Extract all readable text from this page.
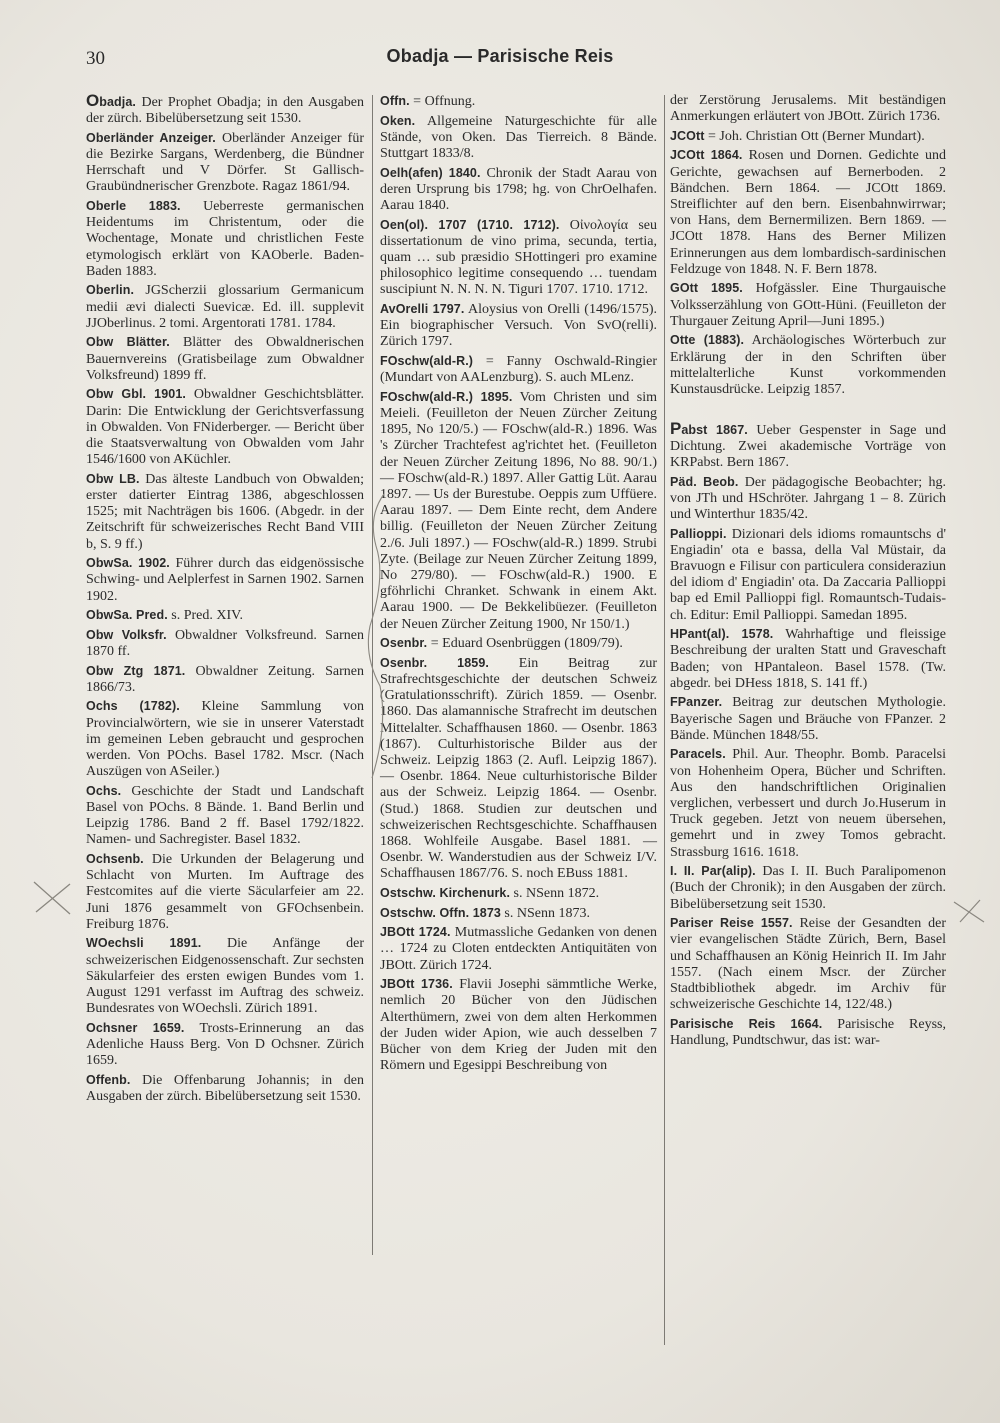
30	Obadja — Parisische Reis
Obadja. Der Prophet Obadja; in den Ausgaben der zürch. Bibelübersetzung seit 1530.
Oberländer Anzeiger. Oberländer Anzeiger für die Bezirke Sargans, Werdenberg, die Bündner Herrschaft und V Dörfer. St Gallisch-Graubündnerischer Grenzbote. Ragaz 1861/94.
Oberle 1883. Ueberreste germanischen Heidentums im Christentum, oder die Wochentage, Monate und christlichen Feste etymologisch erklärt von KAOberle. Baden-Baden 1883.
Oberlin. JGScherzii glossarium Germanicum medii ævi dialecti Suevicæ. Ed. ill. supplevit JJOberlinus. 2 tomi. Argentorati 1781. 1784.
Obw Blätter. Blätter des Obwaldnerischen Bauernvereins (Gratisbeilage zum Obwaldner Volksfreund) 1899 ff.
Obw Gbl. 1901. Obwaldner Geschichtsblätter. Darin: Die Entwicklung der Gerichtsverfassung in Obwalden. Von FNiderberger. — Bericht über die Staatsverwaltung von Obwalden vom Jahr 1546/1600 von AKüchler.
Obw LB. Das älteste Landbuch von Obwalden; erster datierter Eintrag 1386, abgeschlossen 1525; mit Nachträgen bis 1606. (Abgedr. in der Zeitschrift für schweizerisches Recht Band VIII b, S. 9 ff.)
ObwSa. 1902. Führer durch das eidgenössische Schwing- und Aelplerfest in Sarnen 1902. Sarnen 1902.
ObwSa. Pred. s. Pred. XIV.
Obw Volksfr. Obwaldner Volksfreund. Sarnen 1870 ff.
Obw Ztg 1871. Obwaldner Zeitung. Sarnen 1866/73.
Ochs (1782). Kleine Sammlung von Provincialwörtern, wie sie in unserer Vaterstadt im gemeinen Leben gebraucht und gesprochen werden. Von POchs. Basel 1782. Mscr. (Nach Auszügen von ASeiler.)
Ochs. Geschichte der Stadt und Landschaft Basel von POchs. 8 Bände. 1. Band Berlin und Leipzig 1786. Band 2 ff. Basel 1792/1822. Namen- und Sachregister. Basel 1832.
Ochsenb. Die Urkunden der Belagerung und Schlacht von Murten. Im Auftrage des Festcomites auf die vierte Säcularfeier am 22. Juni 1876 gesammelt von GFOchsenbein. Freiburg 1876.
WOechsli 1891. Die Anfänge der schweizerischen Eidgenossenschaft. Zur sechsten Säkularfeier des ersten ewigen Bundes vom 1. August 1291 verfasst im Auftrag des schweiz. Bundesrates von WOechsli. Zürich 1891.
Ochsner 1659. Trosts-Erinnerung an das Adenliche Hauss Berg. Von D Ochsner. Zürich 1659.
Offenb. Die Offenbarung Johannis; in den Ausgaben der zürch. Bibelübersetzung seit 1530.
Offn. = Offnung.
Oken. Allgemeine Naturgeschichte für alle Stände, von Oken. Das Tierreich. 8 Bände. Stuttgart 1833/8.
Oelh(afen) 1840. Chronik der Stadt Aarau von deren Ursprung bis 1798; hg. von ChrOelhafen. Aarau 1840.
Oen(ol). 1707 (1710. 1712). Οἰνολογία seu dissertationum de vino prima, secunda, tertia, quam … sub præsidio SHottingeri pro examine philosophico legitime consequendo … tuendam suscipiunt N. N. N. N. Tiguri 1707. 1710. 1712.
AvOrelli 1797. Aloysius von Orelli (1496/1575). Ein biographischer Versuch. Von SvO(relli). Zürich 1797.
FOschw(ald-R.) = Fanny Oschwald-Ringier (Mundart von AALenzburg). S. auch MLenz.
FOschw(ald-R.) 1895. Vom Christen und sim Meieli. (Feuilleton der Neuen Zürcher Zeitung 1895, No 120/5.) — FOschw(ald-R.) 1896. Was 's Zürcher Trachtefest ag'richtet het. (Feuilleton der Neuen Zürcher Zeitung 1896, No 88. 90/1.) — FOschw(ald-R.) 1897. Aller Gattig Lüt. Aarau 1897. — Us der Burestube. Oeppis zum Uffüere. Aarau 1897. — Dem Einte recht, dem Andere billig. (Feuilleton der Neuen Zürcher Zeitung 2./6. Juli 1897.) — FOschw(ald-R.) 1899. Strubi Zyte. (Beilage zur Neuen Zürcher Zeitung 1899, No 279/80). — FOschw(ald-R.) 1900. E gföhrlichi Chranket. Schwank in einem Akt. Aarau 1900. — De Bekkelibüezer. (Feuilleton der Neuen Zürcher Zeitung 1900, Nr 150/1.)
Osenbr. = Eduard Osenbrüggen (1809/79).
Osenbr. 1859. Ein Beitrag zur Strafrechtsgeschichte der deutschen Schweiz (Gratulationsschrift). Zürich 1859. — Osenbr. 1860. Das alamannische Strafrecht im deutschen Mittelalter. Schaffhausen 1860. — Osenbr. 1863 (1867). Culturhistorische Bilder aus der Schweiz. Leipzig 1863 (2. Aufl. Leipzig 1867). — Osenbr. 1864. Neue culturhistorische Bilder aus der Schweiz. Leipzig 1864. — Osenbr. (Stud.) 1868. Studien zur deutschen und schweizerischen Rechtsgeschichte. Schaffhausen 1868. Wohlfeile Ausgabe. Basel 1881. — Osenbr. W. Wanderstudien aus der Schweiz I/V. Schaffhausen 1867/76. S. noch EBuss 1881.
Ostschw. Kirchenurk. s. NSenn 1872.
Ostschw. Offn. 1873 s. NSenn 1873.
JBOtt 1724. Mutmassliche Gedanken von denen … 1724 zu Cloten entdeckten Antiquitäten von JBOtt. Zürich 1724.
JBOtt 1736. Flavii Josephi sämmtliche Werke, nemlich 20 Bücher von den Jüdischen Alterthümern, zwei von dem alten Herkommen der Juden wider Apion, wie auch desselben 7 Bücher von dem Krieg der Juden mit den Römern und Egesippi Beschreibung von
der Zerstörung Jerusalems. Mit beständigen Anmerkungen erläutert von JBOtt. Zürich 1736.
JCOtt = Joh. Christian Ott (Berner Mundart).
JCOtt 1864. Rosen und Dornen. Gedichte und Gerichte, gewachsen auf Bernerboden. 2 Bändchen. Bern 1864. — JCOtt 1869. Streiflichter auf den bern. Eisenbahnwirrwar; von Hans, dem Bernermilizen. Bern 1869. — JCOtt 1878. Hans des Berner Milizen Erinnerungen aus dem lombardisch-sardinischen Feldzuge von 1848. N. F. Bern 1878.
GOtt 1895. Hofgässler. Eine Thurgauische Volksserzählung von GOtt-Hüni. (Feuilleton der Thurgauer Zeitung April—Juni 1895.)
Otte (1883). Archäologisches Wörterbuch zur Erklärung der in den Schriften über mittelalterliche Kunst vorkommenden Kunstausdrücke. Leipzig 1857.
Pabst 1867. Ueber Gespenster in Sage und Dichtung. Zwei akademische Vorträge von KRPabst. Bern 1867.
Päd. Beob. Der pädagogische Beobachter; hg. von JTh und HSchröter. Jahrgang 1 – 8. Zürich und Winterthur 1835/42.
Pallioppi. Dizionari dels idioms romauntschs d' Engiadin' ota e bassa, della Val Müstair, da Bravuogn e Filisur con particulera consideraziun del idiom d' Engiadin' ota. Da Zaccaria Pallioppi bap ed Emil Pallioppi figl. Romauntsch-Tudais-ch. Editur: Emil Pallioppi. Samedan 1895.
HPant(al). 1578. Wahrhaftige und fleissige Beschreibung der uralten Statt und Graveschaft Baden; von HPantaleon. Basel 1578. (Tw. abgedr. bei DHess 1818, S. 141 ff.)
FPanzer. Beitrag zur deutschen Mythologie. Bayerische Sagen und Bräuche von FPanzer. 2 Bände. München 1848/55.
Paracels. Phil. Aur. Theophr. Bomb. Paracelsi von Hohenheim Opera, Bücher und Schriften. Aus den handschriftlichen Originalien verglichen, verbessert und durch Jo.Huserum in Truck gegeben. Jetzt von neuem übersehen, gemehrt und in zwey Tomos gebracht. Strassburg 1616. 1618.
I. II. Par(alip). Das I. II. Buch Paralipomenon (Buch der Chronik); in den Ausgaben der zürch. Bibelübersetzung seit 1530.
Pariser Reise 1557. Reise der Gesandten der vier evangelischen Städte Zürich, Bern, Basel und Schaffhausen an König Heinrich II. Im Jahr 1557. (Nach einem Mscr. der Zürcher Stadtbibliothek abgedr. im Archiv für schweizerische Geschichte 14, 122/48.)
Parisische Reis 1664. Parisische Reyss, Handlung, Pundtschwur, das ist: war-
